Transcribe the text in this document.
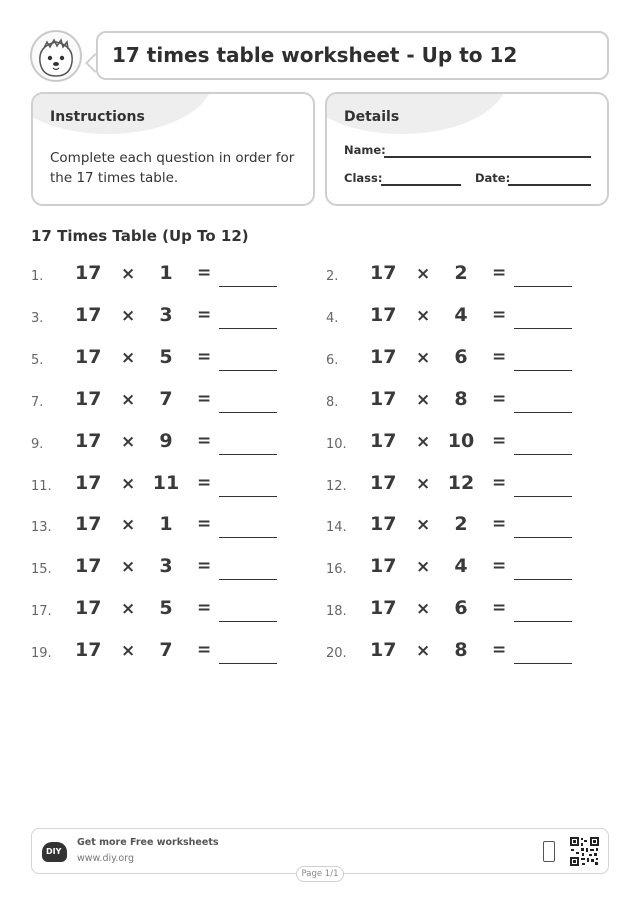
17 times table worksheet - Up to 12
Instructions
Complete each question in order for the 17 times table.
Details
Name:
Class:	Date:
17 Times Table (Up To 12)
1. 17 ×	1	=	2. 17 ×	2	=
3. 17 ×	3	=	4. 17 ×	4	=
5. 17 ×	5	=	6. 17 ×	6	=
7. 17 ×	7	=	8. 17 ×	8	=
9. 17 ×	9	=	10. 17 × 10 =
11. 17 × 11 =	12. 17 × 12 =
13. 17 ×	1	=	14. 17 ×	2	=
15. 17 ×	3	=	16. 17 ×	4	=
17. 17 ×	5	=	18. 17 ×	6	=
19. 17 ×	7	=	20. 17 ×	8	=
DIY
Get more Free worksheets
www.diy.org
Page 1/1
